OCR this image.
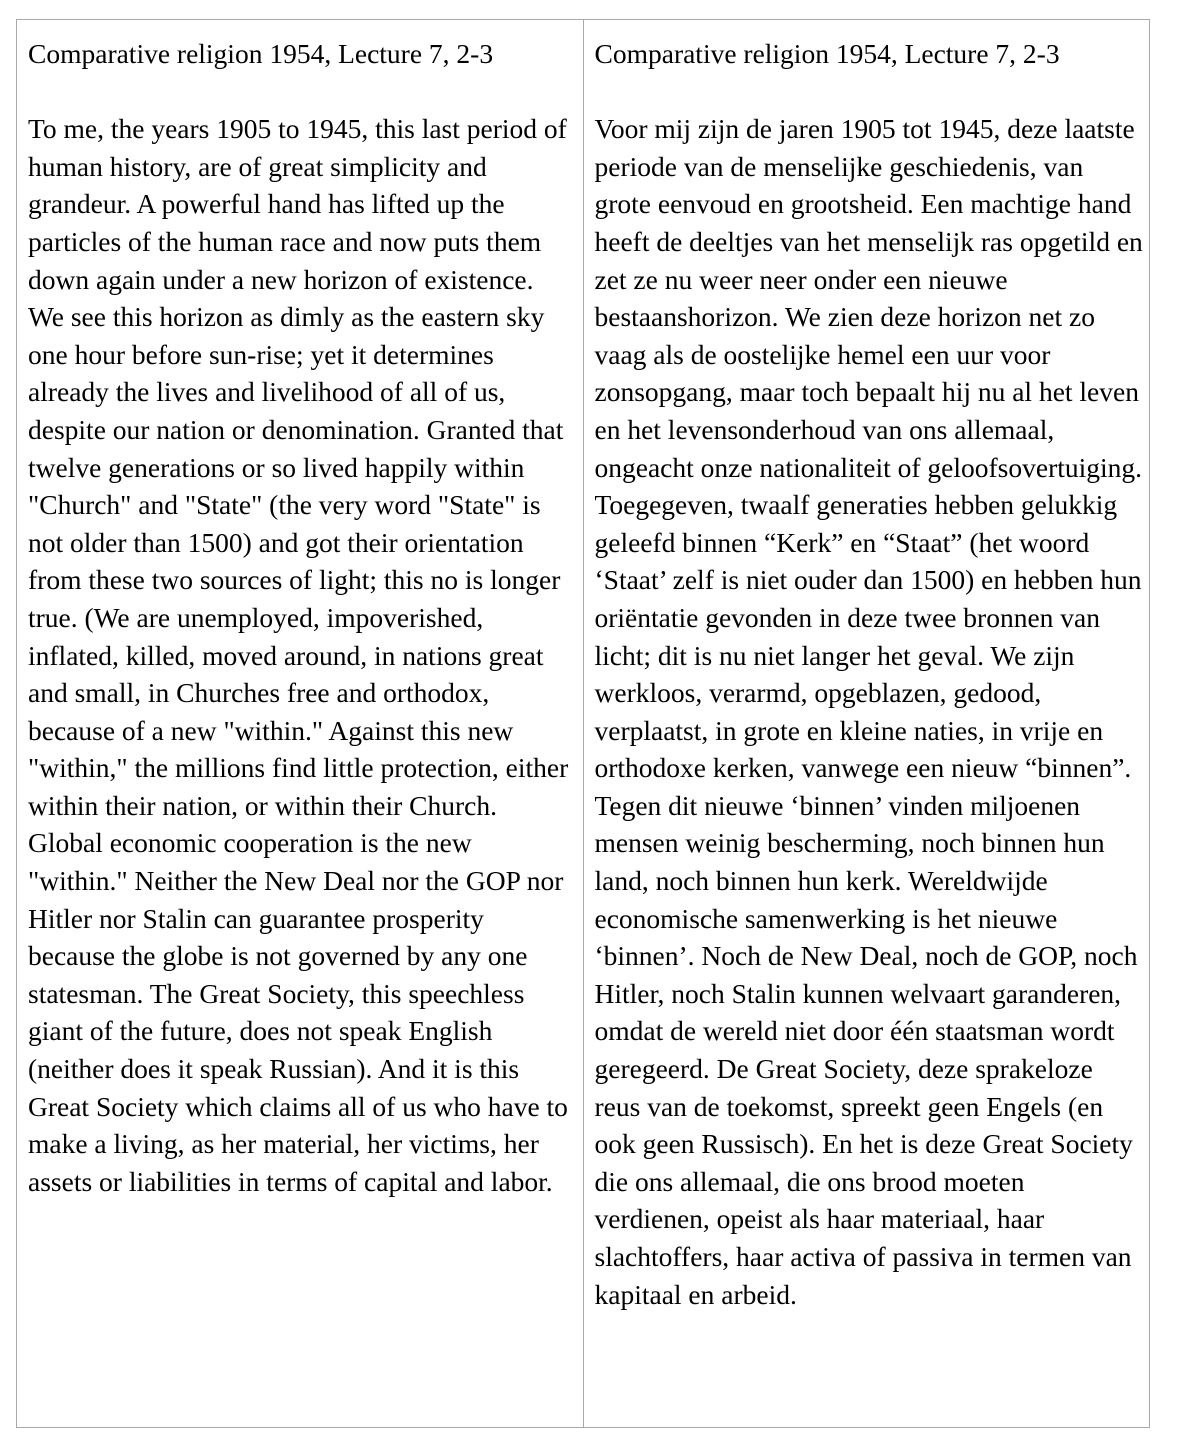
Comparative religion 1954, Lecture 7, 2-3

To me, the years 1905 to 1945, this last period of human history, are of great simplicity and grandeur. A powerful hand has lifted up the particles of the human race and now puts them down again under a new horizon of existence. We see this horizon as dimly as the eastern sky one hour before sun-rise; yet it determines already the lives and livelihood of all of us, despite our nation or denomination. Granted that twelve generations or so lived happily within "Church" and "State" (the very word "State" is not older than 1500) and got their orientation from these two sources of light; this no is longer true. (We are unemployed, impoverished, inflated, killed, moved around, in nations great and small, in Churches free and orthodox, because of a new "within." Against this new "within," the millions find little protection, either within their nation, or within their Church. Global economic cooperation is the new "within." Neither the New Deal nor the GOP nor Hitler nor Stalin can guarantee prosperity because the globe is not governed by any one statesman. The Great Society, this speechless giant of the future, does not speak English (neither does it speak Russian). And it is this Great Society which claims all of us who have to make a living, as her material, her victims, her assets or liabilities in terms of capital and labor.

Comparative religion 1954, Lecture 7, 2-3

Voor mij zijn de jaren 1905 tot 1945, deze laatste periode van de menselijke geschiedenis, van grote eenvoud en grootsheid. Een machtige hand heeft de deeltjes van het menselijk ras opgetild en zet ze nu weer neer onder een nieuwe bestaanshorizon. We zien deze horizon net zo vaag als de oostelijke hemel een uur voor zonsopgang, maar toch bepaalt hij nu al het leven en het levensonderhoud van ons allemaal, ongeacht onze nationaliteit of geloofsovertuiging. Toegegeven, twaalf generaties hebben gelukkig geleefd binnen “Kerk” en “Staat” (het woord ‘Staat’ zelf is niet ouder dan 1500) en hebben hun oriëntatie gevonden in deze twee bronnen van licht; dit is nu niet langer het geval. We zijn werkloos, verarmd, opgeblazen, gedood, verplaatst, in grote en kleine naties, in vrije en orthodoxe kerken, vanwege een nieuw “binnen”. Tegen dit nieuwe ‘binnen’ vinden miljoenen mensen weinig bescherming, noch binnen hun land, noch binnen hun kerk. Wereldwijde economische samenwerking is het nieuwe ‘binnen’. Noch de New Deal, noch de GOP, noch Hitler, noch Stalin kunnen welvaart garanderen, omdat de wereld niet door één staatsman wordt geregeerd. De Great Society, deze sprakeloze reus van de toekomst, spreekt geen Engels (en ook geen Russisch). En het is deze Great Society die ons allemaal, die ons brood moeten verdienen, opeist als haar materiaal, haar slachtoffers, haar activa of passiva in termen van kapitaal en arbeid.
